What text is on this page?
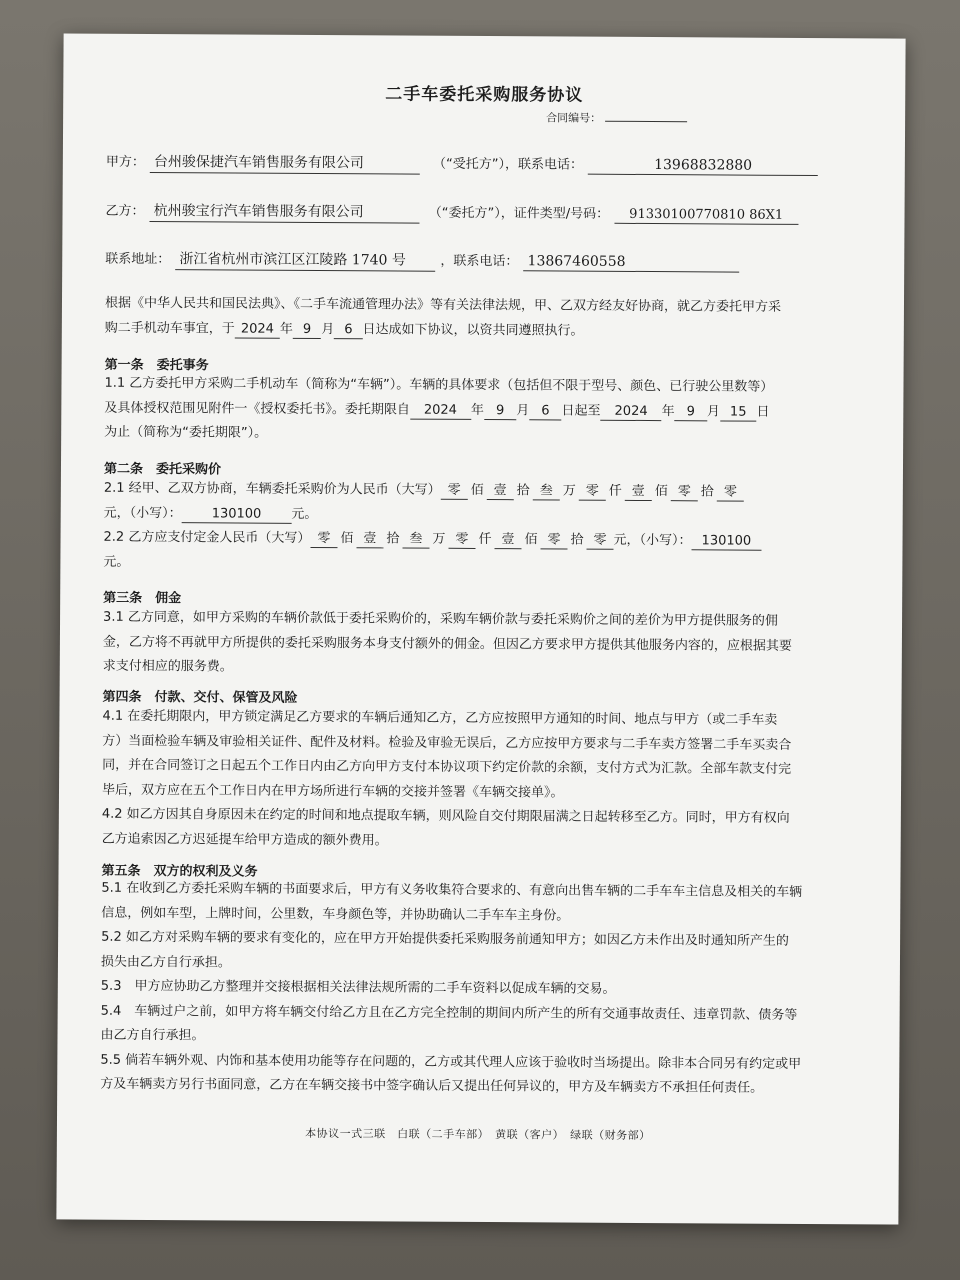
二手车委托采购服务协议
合同编号：
甲方： 台州骏保捷汽车销售服务有限公司	（“受托方”），联系电话：	13968832880
乙方： 杭州骏宝行汽车销售服务有限公司	（“委托方”），证件类型/号码： 91330100770810 86X1
联系地址： 浙江省杭州市滨江区江陵路 1740 号	，联系电话： 13867460558
根据《中华人民共和国民法典》、《二手车流通管理办法》等有关法律法规，甲、乙双方经友好协商，就乙方委托甲方采
购二手机动车事宜，于 2024 年 9 月 6 日达成如下协议，以资共同遵照执行。
第一条　委托事务
1.1 乙方委托甲方采购二手机动车（简称为“车辆”）。车辆的具体要求（包括但不限于型号、颜色、已行驶公里数等）
及具体授权范围见附件一《授权委托书》。委托期限自 2024 年 9 月 6 日起至 2024 年 9 月 15 日
为止（简称为“委托期限”）。
第二条　委托采购价
2.1 经甲、乙双方协商，车辆委托采购价为人民币（大写） 零 佰 壹 拾 叁 万 零 仟 壹 佰 零 拾 零
元，（小写）： 130100 元。
2.2 乙方应支付定金人民币（大写） 零 佰 壹 拾 叁 万 零 仟 壹 佰 零 拾 零 元，（小写）： 130100
元。
第三条　佣金
3.1 乙方同意，如甲方采购的车辆价款低于委托采购价的，采购车辆价款与委托采购价之间的差价为甲方提供服务的佣
金，乙方将不再就甲方所提供的委托采购服务本身支付额外的佣金。但因乙方要求甲方提供其他服务内容的，应根据其要
求支付相应的服务费。
第四条　付款、交付、保管及风险
4.1 在委托期限内，甲方锁定满足乙方要求的车辆后通知乙方，乙方应按照甲方通知的时间、地点与甲方（或二手车卖
方）当面检验车辆及审验相关证件、配件及材料。检验及审验无误后，乙方应按甲方要求与二手车卖方签署二手车买卖合
同，并在合同签订之日起五个工作日内由乙方向甲方支付本协议项下约定价款的余额，支付方式为汇款。全部车款支付完
毕后，双方应在五个工作日内在甲方场所进行车辆的交接并签署《车辆交接单》。
4.2 如乙方因其自身原因未在约定的时间和地点提取车辆，则风险自交付期限届满之日起转移至乙方。同时，甲方有权向
乙方追索因乙方迟延提车给甲方造成的额外费用。
第五条　双方的权利及义务
5.1 在收到乙方委托采购车辆的书面要求后，甲方有义务收集符合要求的、有意向出售车辆的二手车车主信息及相关的车辆
信息，例如车型，上牌时间，公里数，车身颜色等，并协助确认二手车车主身份。
5.2 如乙方对采购车辆的要求有变化的，应在甲方开始提供委托采购服务前通知甲方；如因乙方未作出及时通知所产生的
损失由乙方自行承担。
5.3　甲方应协助乙方整理并交接根据相关法律法规所需的二手车资料以促成车辆的交易。
5.4　车辆过户之前，如甲方将车辆交付给乙方且在乙方完全控制的期间内所产生的所有交通事故责任、违章罚款、债务等
由乙方自行承担。
5.5 倘若车辆外观、内饰和基本使用功能等存在问题的，乙方或其代理人应该于验收时当场提出。除非本合同另有约定或甲
方及车辆卖方另行书面同意，乙方在车辆交接书中签字确认后又提出任何异议的，甲方及车辆卖方不承担任何责任。
本协议一式三联　白联（二手车部）　黄联（客户）　绿联（财务部）
